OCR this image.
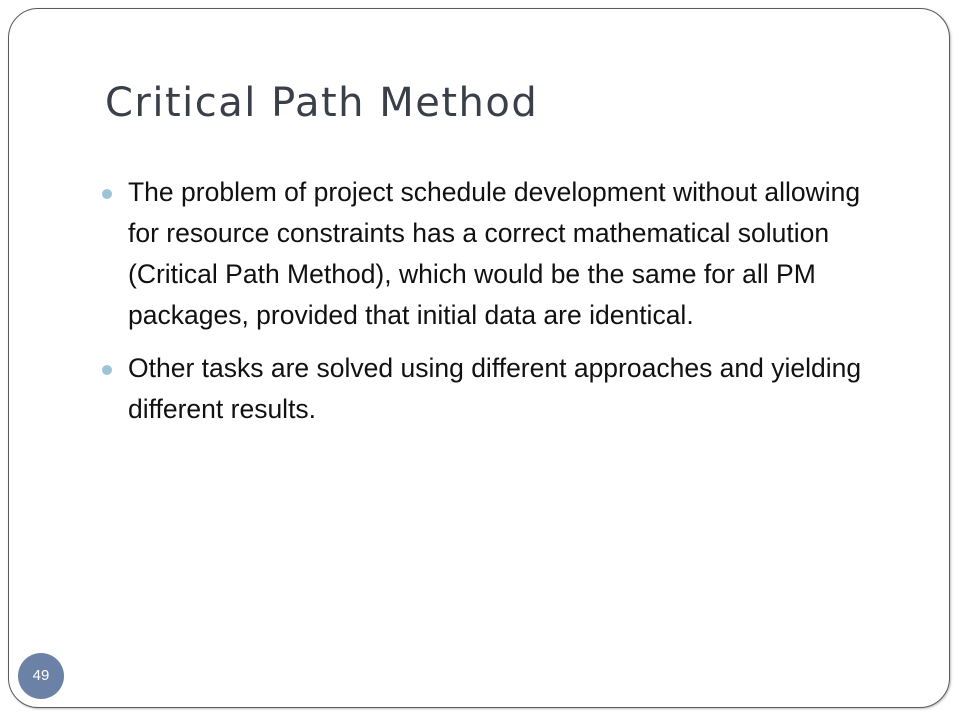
Critical Path Method
The problem of project schedule development without allowing for resource constraints has a correct mathematical solution (Critical Path Method), which would be the same for all PM packages, provided that initial data are identical.
Other tasks are solved using different approaches and yielding different results.
49
